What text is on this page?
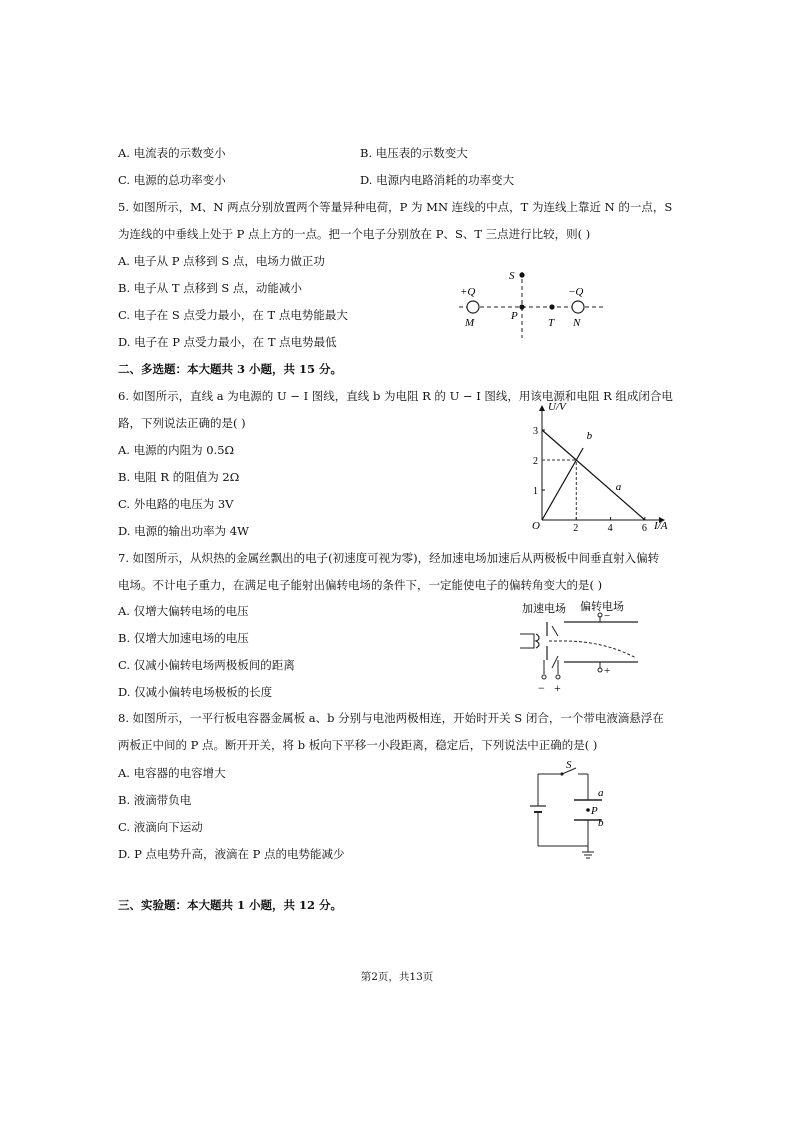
A. 电流表的示数变小	B. 电压表的示数变大
C. 电源的总功率变小	D. 电源内电路消耗的功率变大
5. 如图所示，M、N 两点分别放置两个等量异种电荷，P 为 MN 连线的中点，T 为连线上靠近 N 的一点，S
为连线的中垂线上处于 P 点上方的一点。把一个电子分别放在 P、S、T 三点进行比较，则( )
A. 电子从 P 点移到 S 点，电场力做正功
B. 电子从 T 点移到 S 点，动能减小
C. 电子在 S 点受力最小，在 T 点电势能最大
D. 电子在 P 点受力最小，在 T 点电势最低
+Q	−Q
M	N
P
T
S
二、多选题：本大题共 3 小题，共 15 分。
6. 如图所示，直线 a 为电源的 U − I 图线，直线 b 为电阻 R 的 U − I 图线，用该电源和电阻 R 组成闭合电
路，下列说法正确的是( )
A. 电源的内阻为 0.5Ω
B. 电阻 R 的阻值为 2Ω
C. 外电路的电压为 3V
D. 电源的输出功率为 4W
U/V
I/A
O	2	4	6
1
2
3
a
b
7. 如图所示，从炽热的金属丝飘出的电子(初速度可视为零)，经加速电场加速后从两极板中间垂直射入偏转
电场。不计电子重力，在满足电子能射出偏转电场的条件下，一定能使电子的偏转角变大的是( )
A. 仅增大偏转电场的电压
B. 仅增大加速电场的电压
C. 仅减小偏转电场两极板间的距离
D. 仅减小偏转电场极板的长度
加速电场 偏转电场
− +
−
+
8. 如图所示，一平行板电容器金属板 a、b 分别与电池两极相连，开始时开关 S 闭合，一个带电液滴悬浮在
两板正中间的 P 点。断开开关，将 b 板向下平移一小段距离，稳定后，下列说法中正确的是( )
A. 电容器的电容增大
B. 液滴带负电
C. 液滴向下运动
D. P 点电势升高，液滴在 P 点的电势能减少
S
a
P
b
三、实验题：本大题共 1 小题，共 12 分。
第2页，共13页
